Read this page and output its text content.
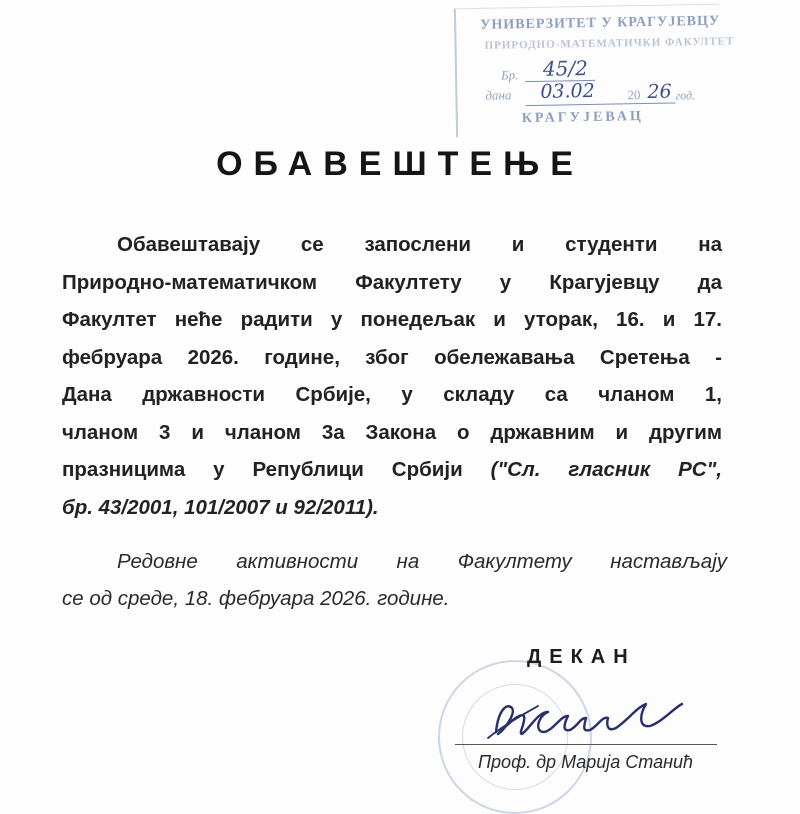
УНИВЕРЗИТЕТ У КРАГУЈЕВЦУ
ПРИРОДНО-МАТЕМАТИЧКИ ФАКУЛТЕТ
Бр. 45/2
дана 03.02 20 26 год.
КРАГУЈЕВАЦ
ОБАВЕШТЕЊЕ
Обавештавају се запослени и студенти на
Природно-математичком Факултету у Крагујевцу да
Факултет неће радити у понедељак и уторак, 16. и 17.
фебруара 2026. године, због обележавања Сретења -
Дана државности Србије, у складу са чланом 1,
чланом 3 и чланом 3а Закона о државним и другим
празницима у Републици Србији ("Сл. гласник РС",
бр. 43/2001, 101/2007 и 92/2011).
Редовне активности на Факултету настављају
се од среде, 18. фебруара 2026. године.
ДЕКАН
Проф. др Марија Станић
